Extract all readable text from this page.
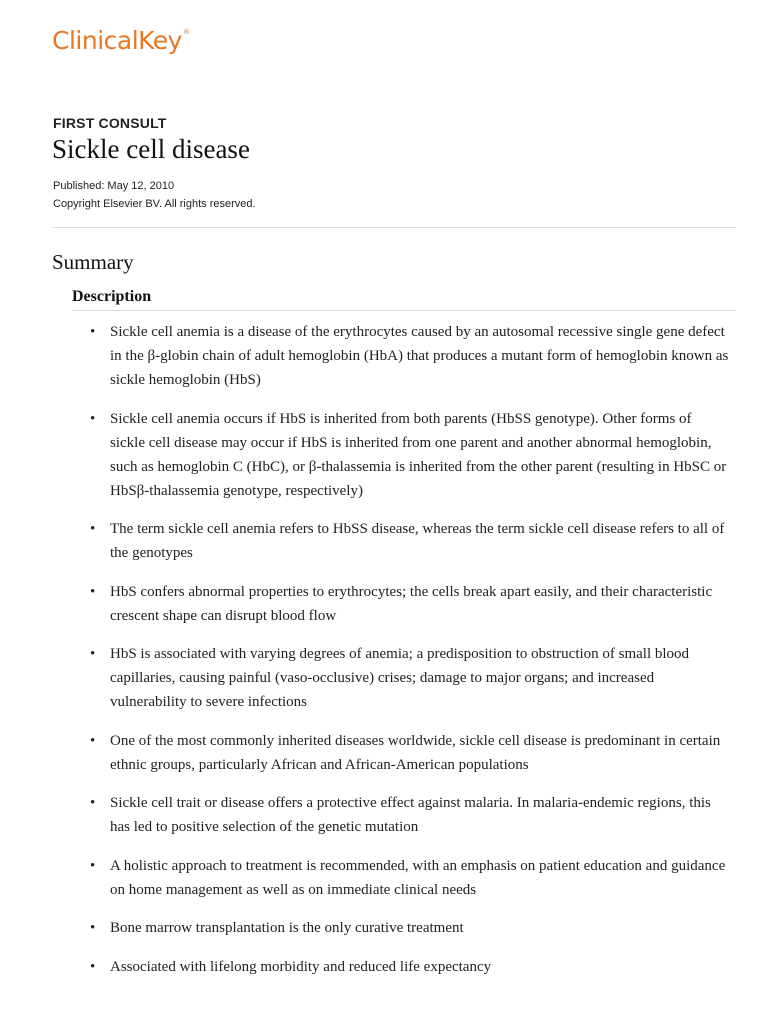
ClinicalKey®
FIRST CONSULT
Sickle cell disease
Published: May 12, 2010
Copyright Elsevier BV. All rights reserved.
Summary
Description
• Sickle cell anemia is a disease of the erythrocytes caused by an autosomal recessive single gene defect in the β-globin chain of adult hemoglobin (HbA) that produces a mutant form of hemoglobin known as sickle hemoglobin (HbS)
• Sickle cell anemia occurs if HbS is inherited from both parents (HbSS genotype). Other forms of sickle cell disease may occur if HbS is inherited from one parent and another abnormal hemoglobin, such as hemoglobin C (HbC), or β-thalassemia is inherited from the other parent (resulting in HbSC or HbSβ-thalassemia genotype, respectively)
• The term sickle cell anemia refers to HbSS disease, whereas the term sickle cell disease refers to all of the genotypes
• HbS confers abnormal properties to erythrocytes; the cells break apart easily, and their characteristic crescent shape can disrupt blood flow
• HbS is associated with varying degrees of anemia; a predisposition to obstruction of small blood capillaries, causing painful (vaso-occlusive) crises; damage to major organs; and increased vulnerability to severe infections
• One of the most commonly inherited diseases worldwide, sickle cell disease is predominant in certain ethnic groups, particularly African and African-American populations
• Sickle cell trait or disease offers a protective effect against malaria. In malaria-endemic regions, this has led to positive selection of the genetic mutation
• A holistic approach to treatment is recommended, with an emphasis on patient education and guidance on home management as well as on immediate clinical needs
• Bone marrow transplantation is the only curative treatment
• Associated with lifelong morbidity and reduced life expectancy
